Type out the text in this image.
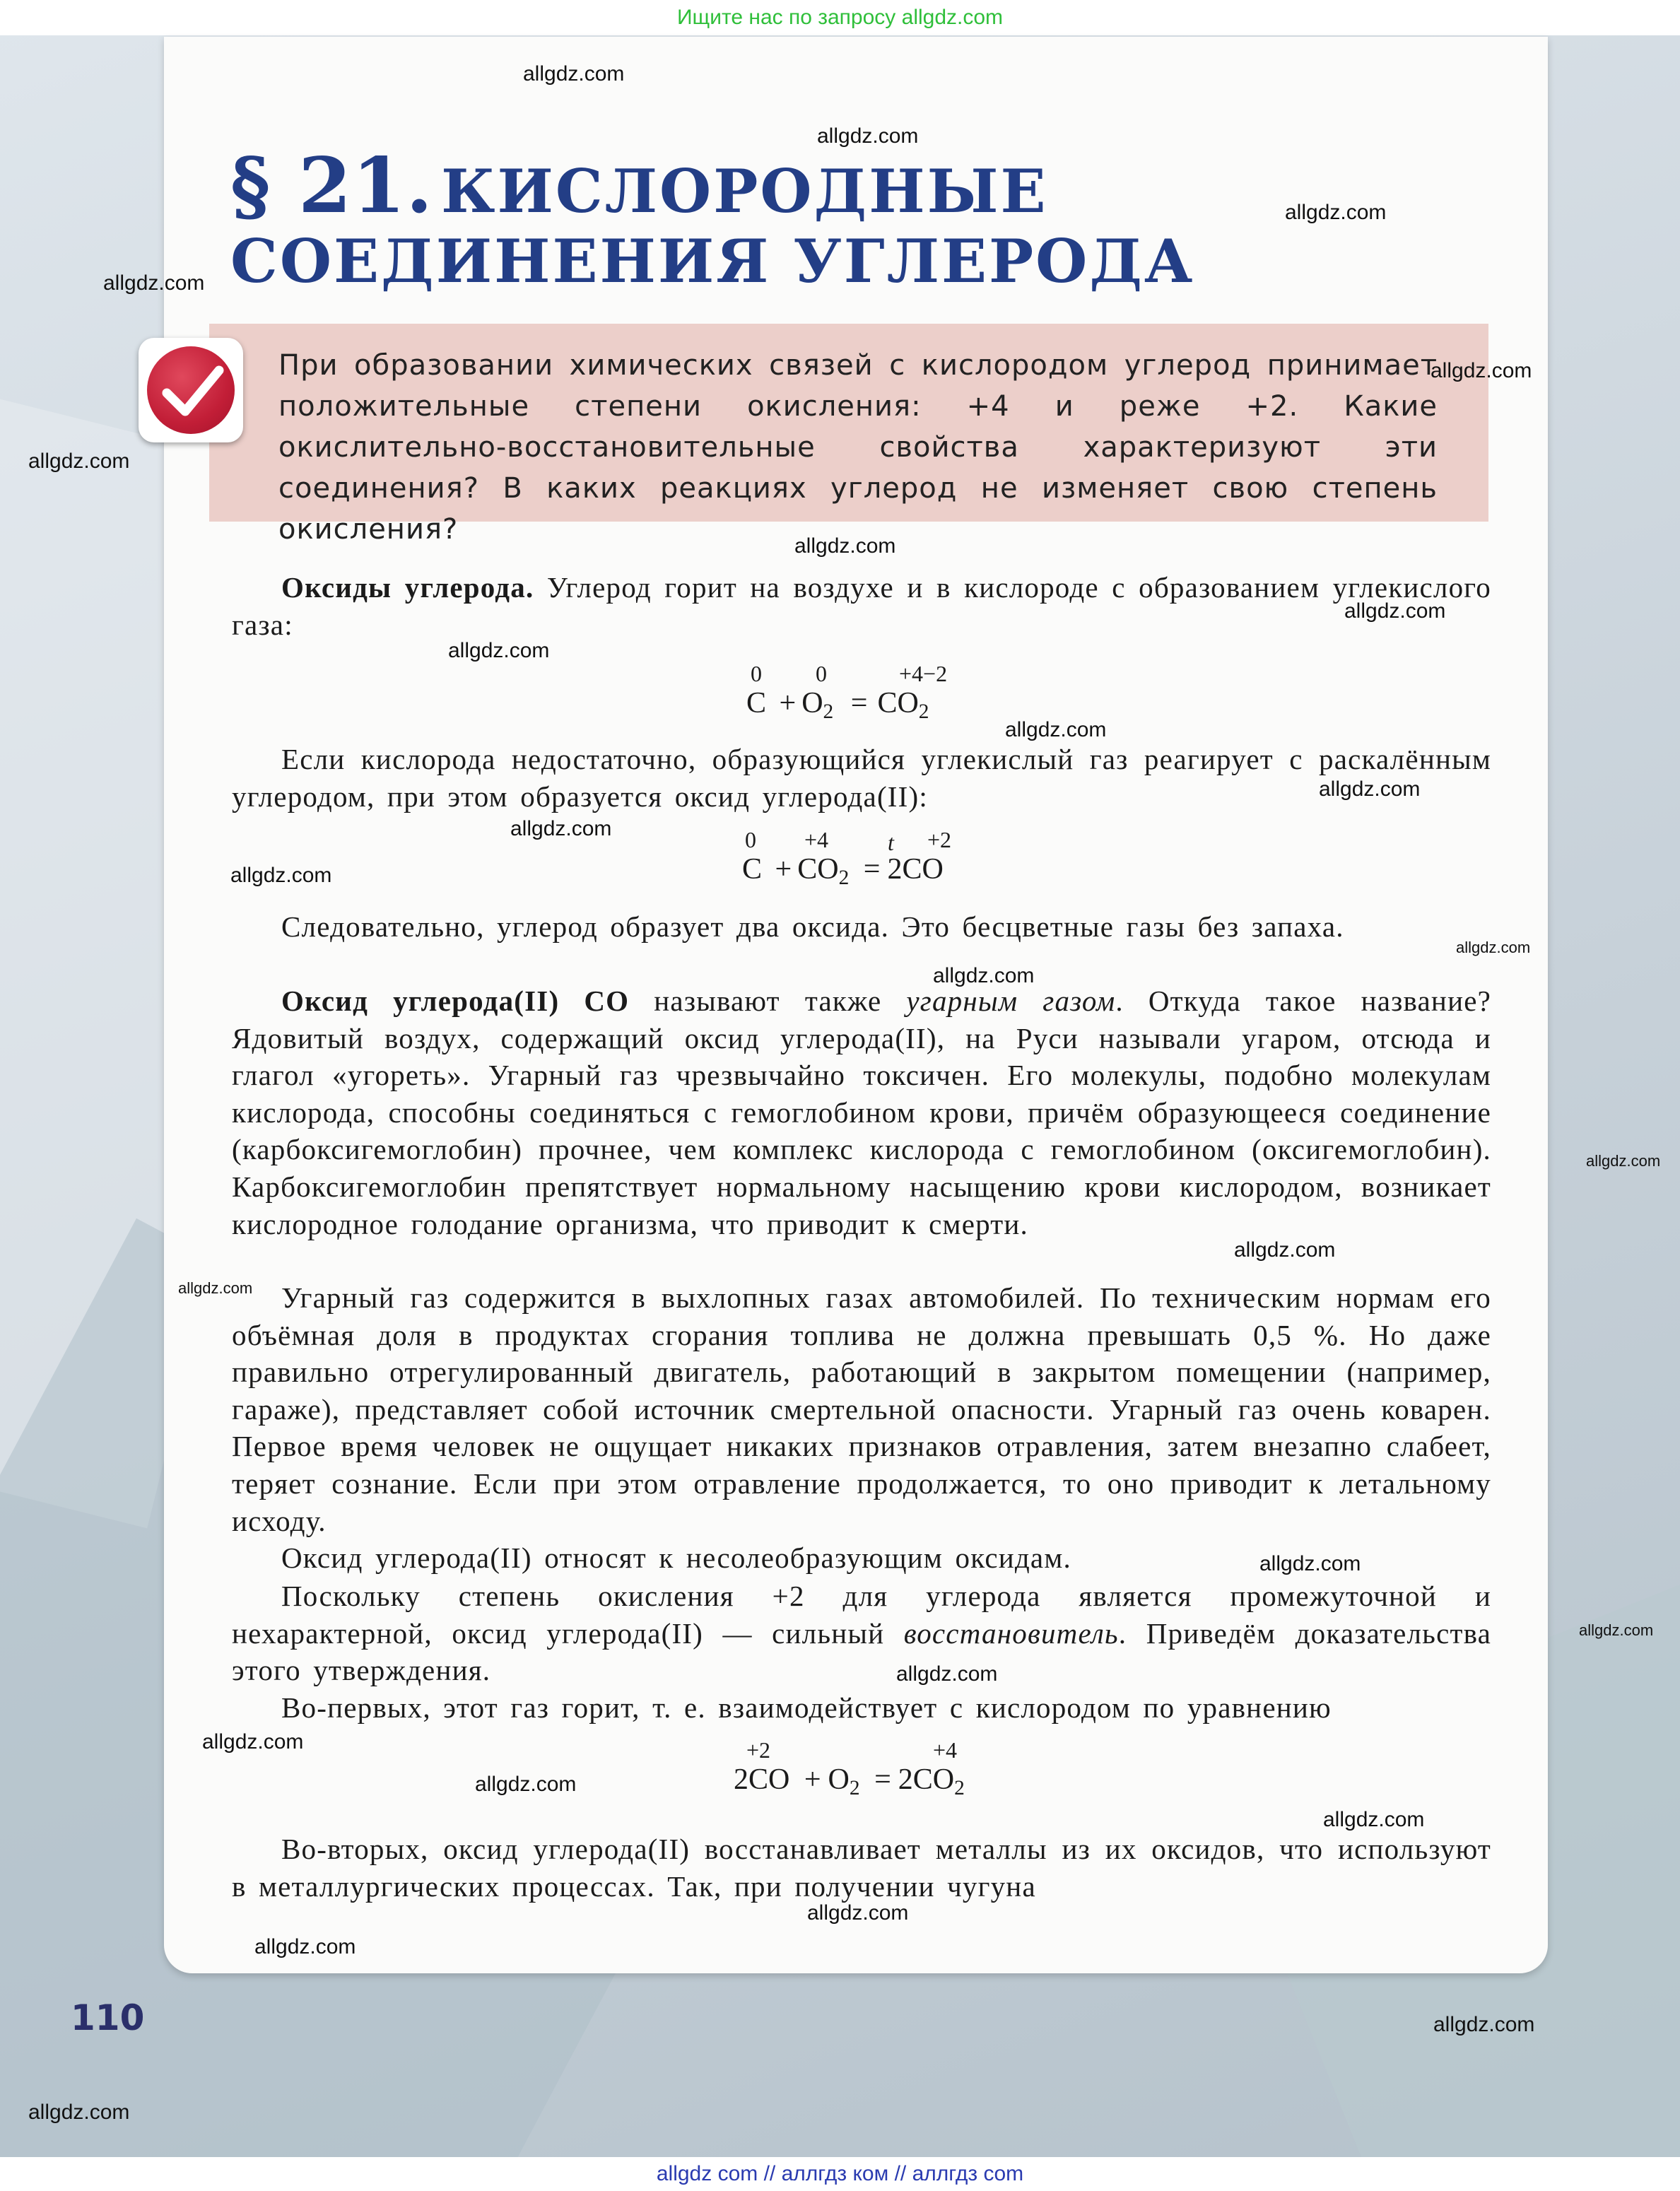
Ищите нас по запросу allgdz.com
§ 21. КИСЛОРОДНЫЕ
СОЕДИНЕНИЯ УГЛЕРОДА

При образовании химических связей с кислородом углерод принимает положительные степени окисления: +4 и реже +2. Какие окислительно-восстановительные свойства характеризуют эти соединения? В каких реакциях углерод не изменяет свою степень окисления?

Оксиды углерода. Углерод горит на воздухе и в кислороде с образованием углекислого газа:

0 0	+4−2
$C + O_2 = CO_2$

Если кислорода недостаточно, образующийся углекислый газ реагирует с раскалённым углеродом, при этом образуется оксид углерода(II):

0 +4	t +2
$C + CO_2 = 2CO$

Следовательно, углерод образует два оксида. Это бесцветные газы без запаха.

Оксид углерода(II) CO называют также угарным газом. Откуда такое название? Ядовитый воздух, содержащий оксид углерода(II), на Руси называли угаром, отсюда и глагол «угореть». Угарный газ чрезвычайно токсичен. Его молекулы, подобно молекулам кислорода, способны соединяться с гемоглобином крови, причём образующееся соединение (карбоксигемоглобин) прочнее, чем комплекс кислорода с гемоглобином (оксигемоглобин). Карбоксигемоглобин препятствует нормальному насыщению крови кислородом, возникает кислородное голодание организма, что приводит к смерти.

Угарный газ содержится в выхлопных газах автомобилей. По техническим нормам его объёмная доля в продуктах сгорания топлива не должна превышать 0,5 %. Но даже правильно отрегулированный двигатель, работающий в закрытом помещении (например, гараже), представляет собой источник смертельной опасности. Угарный газ очень коварен. Первое время человек не ощущает никаких признаков отравления, затем внезапно слабеет, теряет сознание. Если при этом отравление продолжается, то оно приводит к летальному исходу.

Оксид углерода(II) относят к несолеобразующим оксидам.

Поскольку степень окисления +2 для углерода является промежуточной и нехарактерной, оксид углерода(II) — сильный восстановитель. Приведём доказательства этого утверждения.

Во-первых, этот газ горит, т. е. взаимодействует с кислородом по уравнению

+2	+4
$2CO + O_2 = 2CO_2$

Во-вторых, оксид углерода(II) восстанавливает металлы из их оксидов, что используют в металлургических процессах. Так, при получении чугуна

110
allgdz.com
allgdz.com
allgdz.com
allgdz.com
allgdz.com
allgdz.com
allgdz.com
allgdz.com
allgdz.com
allgdz.com
allgdz.com
allgdz.com
allgdz.com
allgdz.com
allgdz.com
allgdz.com
allgdz.com
allgdz.com
allgdz.com
allgdz.com
allgdz.com
allgdz.com
allgdz.com
allgdz.com
allgdz.com
allgdz.com
allgdz.com
allgdz.com
allgdz com // аллгдз ком // аллгдз com
